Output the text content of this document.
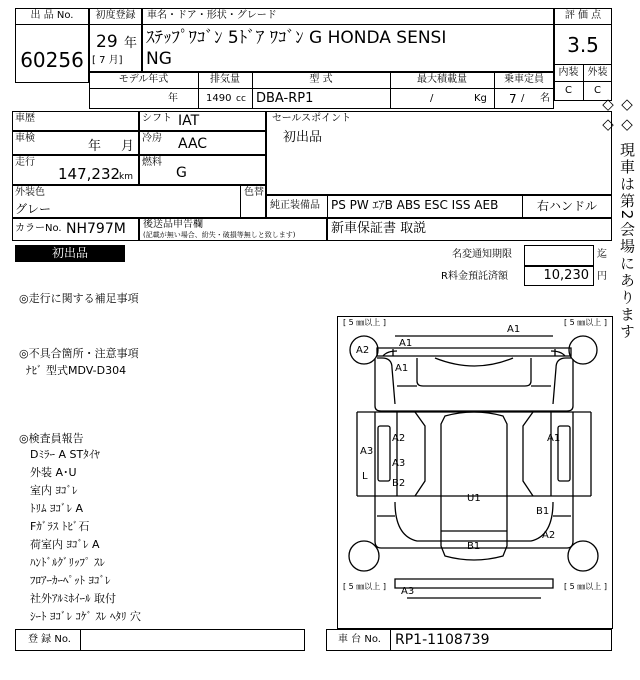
出 品 No.
60256
初度登録
29 年
[ 7 月]
車名・ドア・形状・グレード
ｽﾃｯﾌﾟﾜｺﾞﾝ 5ﾄﾞｱ ﾜｺﾞﾝ G HONDA SENSI
NG
評 価 点
3.5
内装 外装
C	C
モデル年式
年
排気量
1490 cc
型 式
DBA-RP1
最大積載量
/	Kg
乗車定員
7 / 名
車歴
車検
年 月
走行
147,232
km
シフト IAT
冷房 AAC
燃料
G
セールスポイント
初出品
外装色
グレー
色替
純正装備品 PS PW ｴｱB ABS ESC ISS AEB	右ハンドル
カラーNo. NH797M 後送品申告欄
(記載が無い場合、紛失・破損等無しと致します)	新車保証書 取説
初出品	名変通知期限	迄
R料金預託済額	10,230 円
◎走行に関する補足事項
◎不具合箇所・注意事項
ﾅﾋﾞ 型式MDV-D304
◎検査員報告
Dﾐﾗｰ A STﾀｲﾔ
外装 A･U
室内 ﾖｺﾞﾚ
ﾄﾘﾑ ﾖｺﾞﾚ A
Fｶﾞﾗｽ ﾄﾋﾞ石
荷室内 ﾖｺﾞﾚ A
ﾊﾝﾄﾞﾙｸﾞﾘｯﾌﾟ ｽﾚ
ﾌﾛｱｰｶｰﾍﾟｯﾄ ﾖｺﾞﾚ
社外ｱﾙﾐﾎｲｰﾙ 取付
ｼｰﾄ ﾖｺﾞﾚ ｺｹﾞ ｽﾚ ﾍﾀﾘ 穴
[ 5 ㎜以上 ]	[ 5 ㎜以上 ]
[ 5 ㎜以上 ]	[ 5 ㎜以上 ]
A1
A2
A1
A1
A3
A2	A1
A3
L
B2
U1
B1
A2
B1
A3
登 録 No.	車 台 No. RP1-1108739
◇◇ 現車は第2会場にあります ◇◇
